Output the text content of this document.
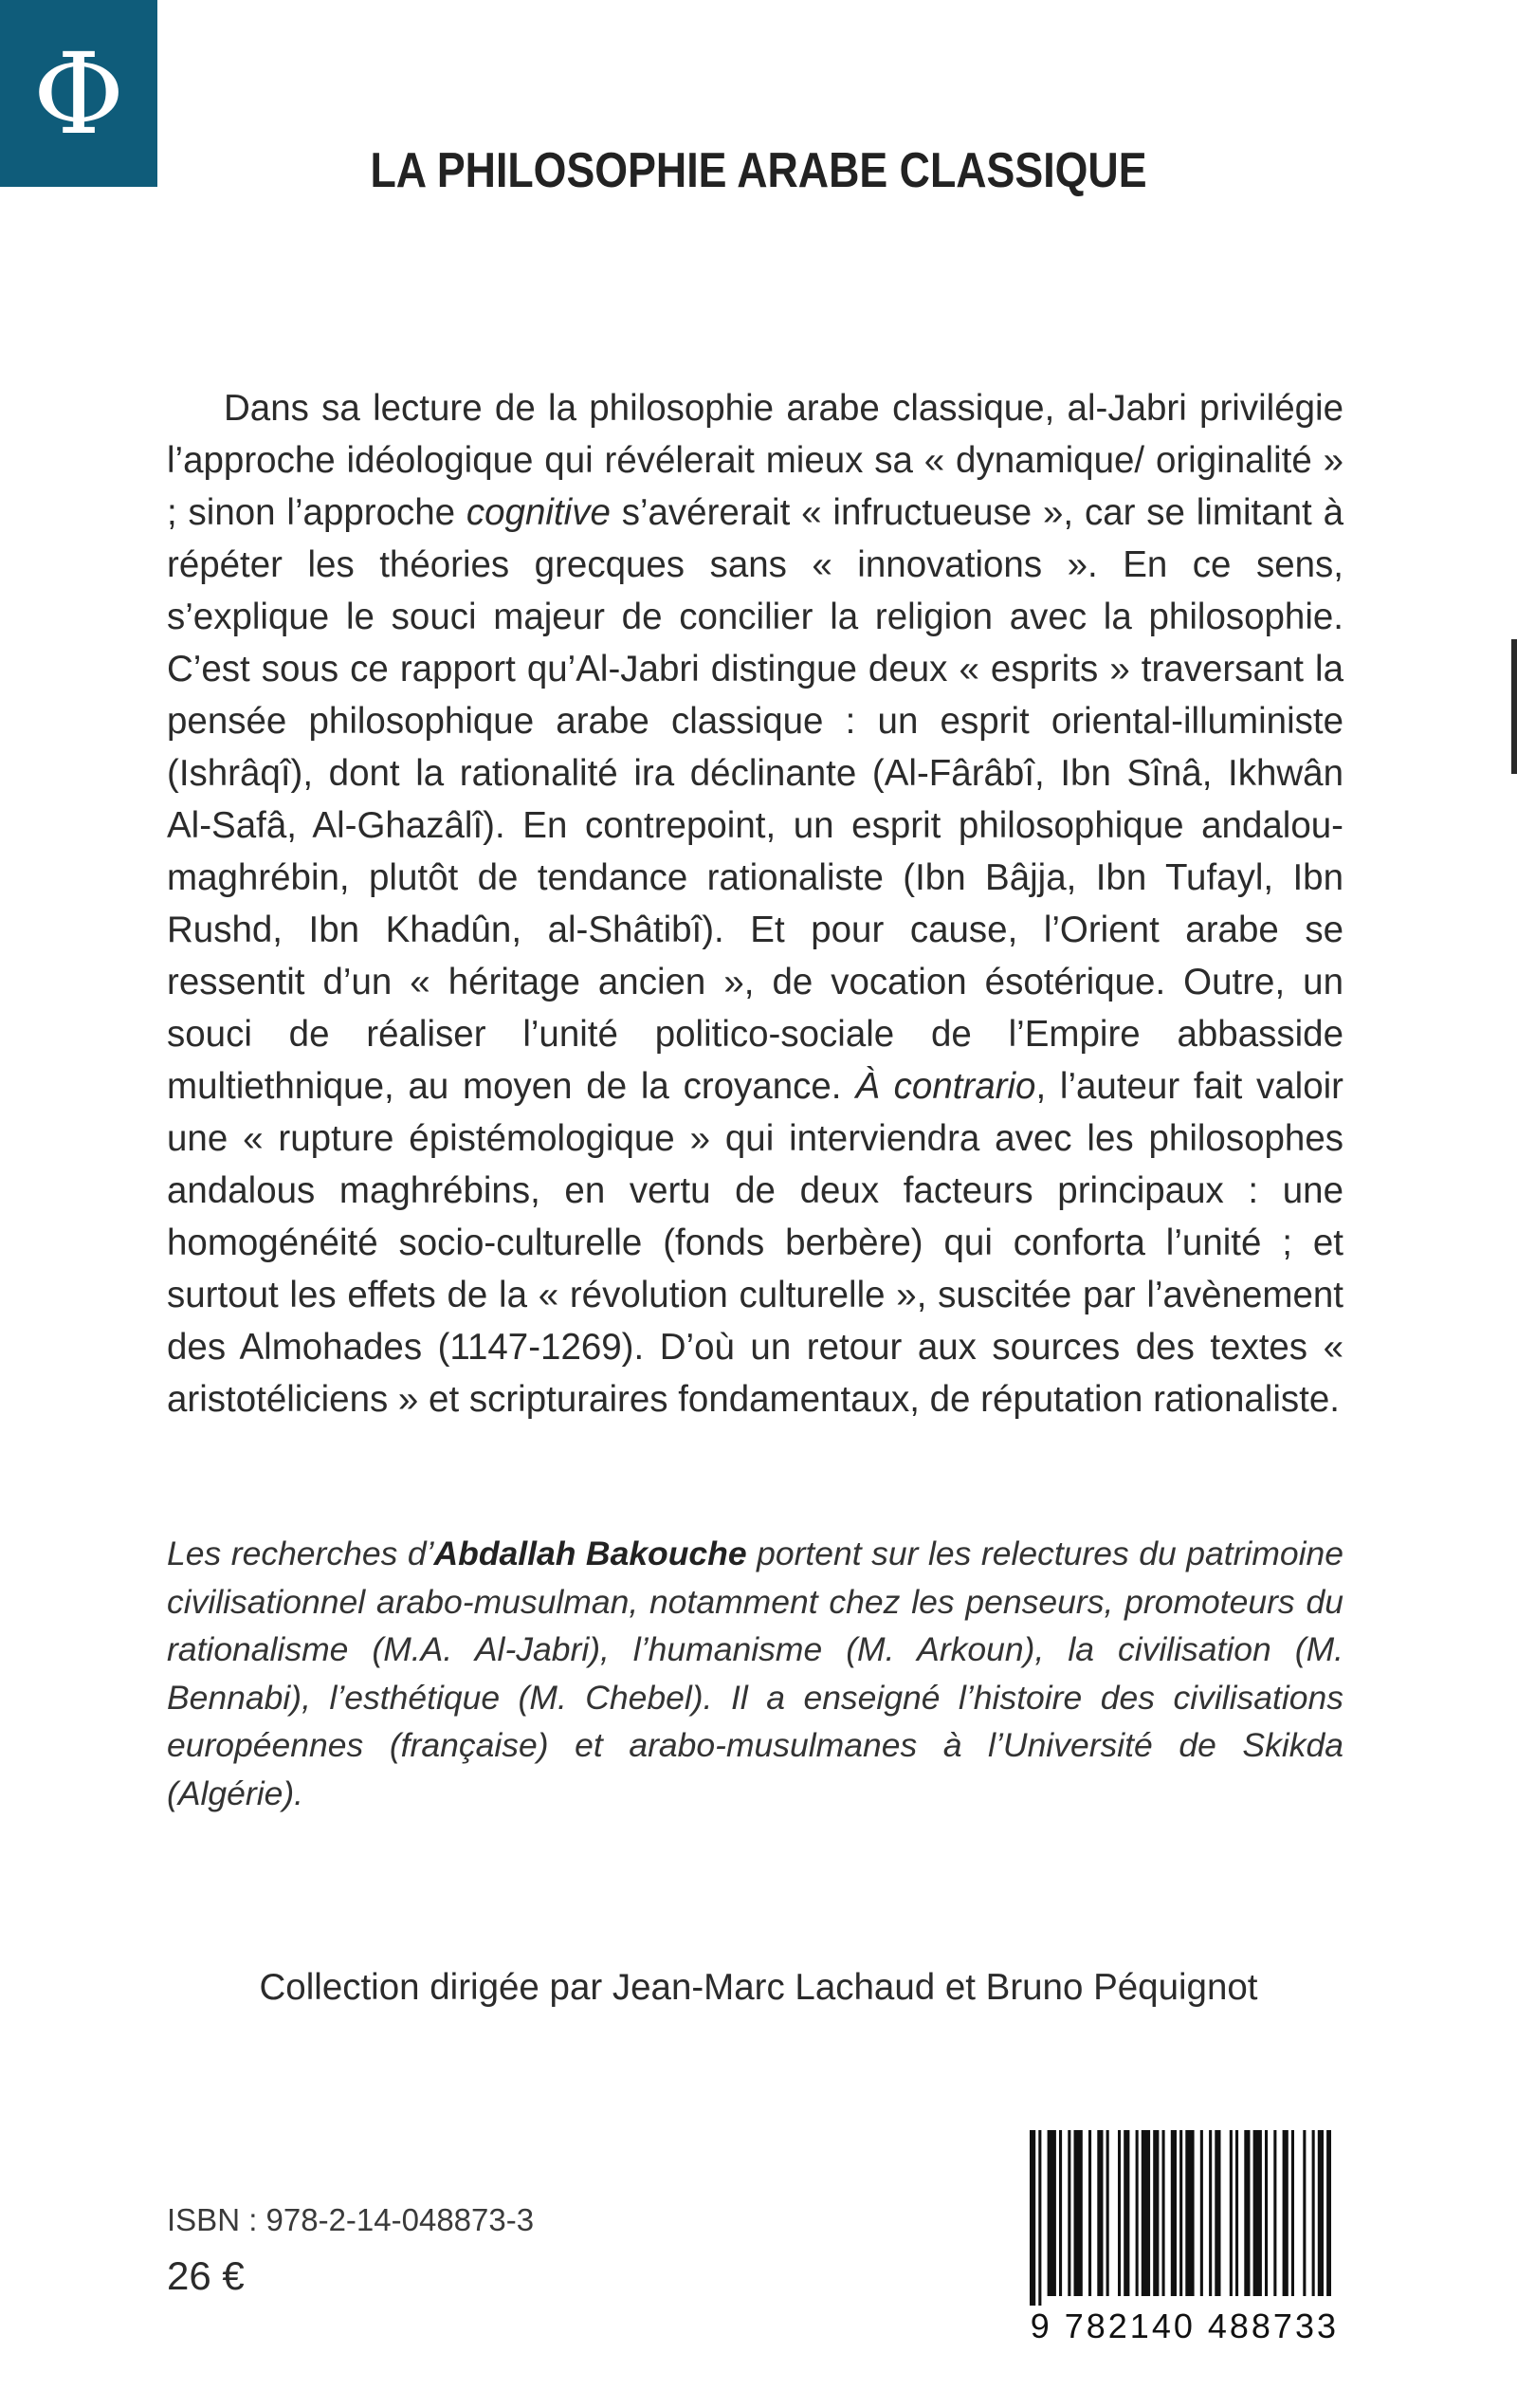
Φ
LA PHILOSOPHIE ARABE CLASSIQUE

Dans sa lecture de la philosophie arabe classique, al-Jabri privilégie l’approche idéologique qui révélerait mieux sa « dynamique/ originalité » ; sinon l’approche cognitive s’avérerait « infructueuse », car se limitant à répéter les théories grecques sans « innovations ». En ce sens, s’explique le souci majeur de concilier la religion avec la philosophie. C’est sous ce rapport qu’Al-Jabri distingue deux « esprits » traversant la pensée philosophique arabe classique : un esprit oriental-illuministe (Ishrâqî), dont la rationalité ira déclinante (Al-Fârâbî, Ibn Sînâ, Ikhwân Al-Safâ, Al-Ghazâlî). En contrepoint, un esprit philosophique andalou-maghrébin, plutôt de tendance rationaliste (Ibn Bâjja, Ibn Tufayl, Ibn Rushd, Ibn Khadûn, al-Shâtibî). Et pour cause, l’Orient arabe se ressentit d’un « héritage ancien », de vocation ésotérique. Outre, un souci de réaliser l’unité politico-sociale de l’Empire abbasside multiethnique, au moyen de la croyance. À contrario, l’auteur fait valoir une « rupture épistémologique » qui interviendra avec les philosophes andalous maghrébins, en vertu de deux facteurs principaux : une homogénéité socio-culturelle (fonds berbère) qui conforta l’unité ; et surtout les effets de la « révolution culturelle », suscitée par l’avènement des Almohades (1147-1269). D’où un retour aux sources des textes « aristotéliciens » et scripturaires fondamentaux, de réputation rationaliste.

Les recherches d’Abdallah Bakouche portent sur les relectures du patrimoine civilisationnel arabo-musulman, notamment chez les penseurs, promoteurs du rationalisme (M.A. Al-Jabri), l’humanisme (M. Arkoun), la civilisation (M. Bennabi), l’esthétique (M. Chebel). Il a enseigné l’histoire des civilisations européennes (française) et arabo-musulmanes à l’Université de Skikda (Algérie).

Collection dirigée par Jean-Marc Lachaud et Bruno Péquignot
ISBN : 978-2-14-048873-3
26 €
9 782140 488733
